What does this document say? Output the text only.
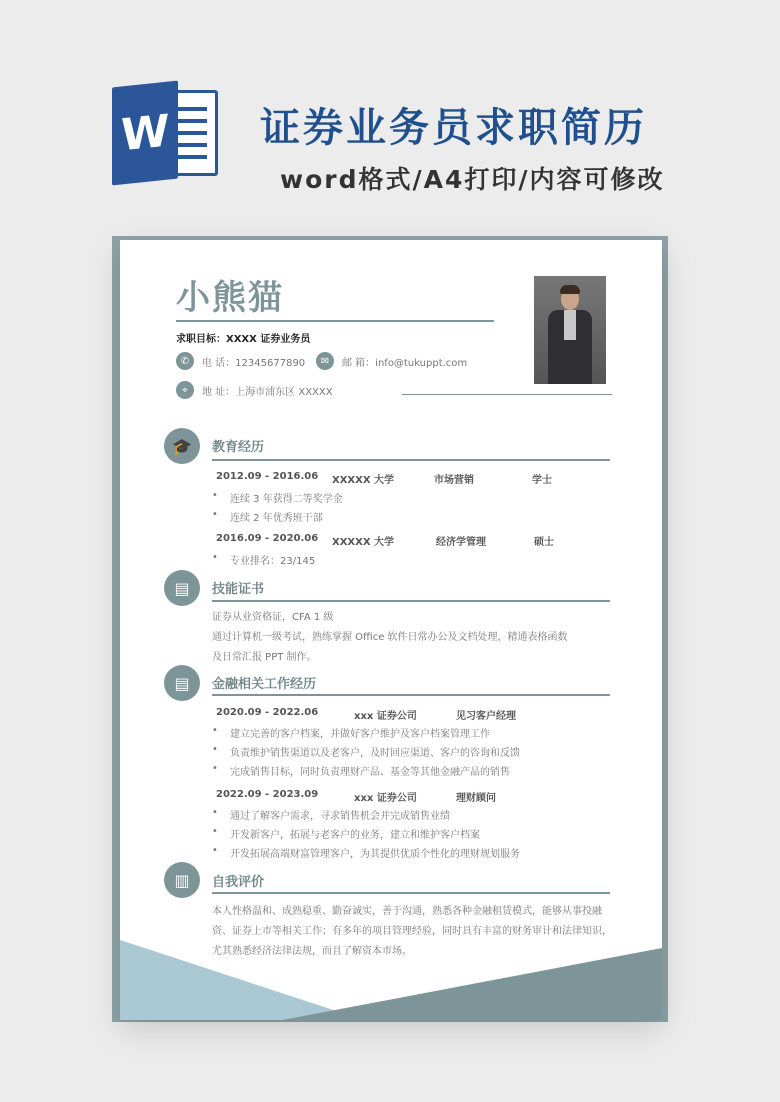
W 证券业务员求职简历
word格式/A4打印/内容可修改
小熊猫
求职目标：XXXX 证券业务员
✆	电 话：12345677890	✉	邮 箱：info@tukuppt.com
⌖	地 址：上海市浦东区 XXXXX
🎓	教育经历
2012.09 - 2016.06 XXXXX 大学	市场营销	学士
• 连续 3 年获得二等奖学金
• 连续 2 年优秀班干部
2016.09 - 2020.06 XXXXX 大学	经济学管理	硕士
• 专业排名：23/145
▤	技能证书
证券从业资格证，CFA 1 级
通过计算机一级考试，熟练掌握 Office 软件日常办公及文档处理，精通表格函数
及日常汇报 PPT 制作。
▤	金融相关工作经历
2020.09 - 2022.06	xxx 证券公司	见习客户经理
• 建立完善的客户档案，并做好客户维护及客户档案管理工作
• 负责维护销售渠道以及老客户，及时回应渠道、客户的咨询和反馈
• 完成销售目标，同时负责理财产品、基金等其他金融产品的销售
2022.09 - 2023.09	xxx 证券公司	理财顾问
• 通过了解客户需求，寻求销售机会并完成销售业绩
• 开发新客户，拓展与老客户的业务，建立和维护客户档案
• 开发拓展高端财富管理客户，为其提供优质个性化的理财规划服务
▥	自我评价
本人性格温和、成熟稳重、勤奋诚实，善于沟通，熟悉各种金融租赁模式，能够从事投融
资、证券上市等相关工作；有多年的项目管理经验，同时具有丰富的财务审计和法律知识，
尤其熟悉经济法律法规，而且了解资本市场。
